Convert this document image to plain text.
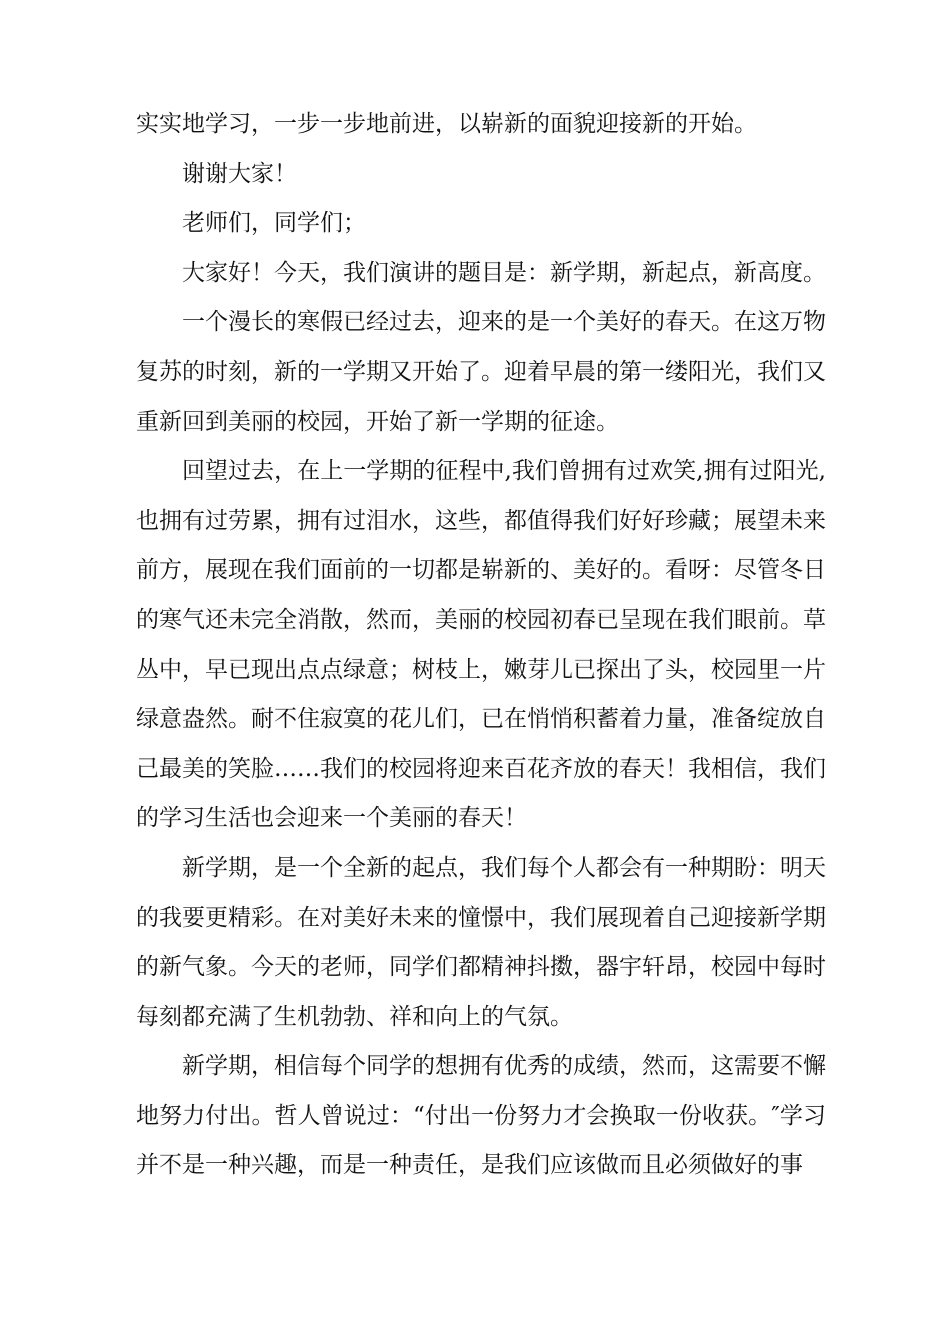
实实地学习，一步一步地前进，以崭新的面貌迎接新的开始。

谢谢大家！

老师们，同学们；

大家好！今天，我们演讲的题目是：新学期，新起点，新高度。

一个漫长的寒假已经过去，迎来的是一个美好的春天。在这万物复苏的时刻，新的一学期又开始了。迎着早晨的第一缕阳光，我们又重新回到美丽的校园，开始了新一学期的征途。

回望过去，在上一学期的征程中,我们曾拥有过欢笑,拥有过阳光,也拥有过劳累，拥有过泪水，这些，都值得我们好好珍藏；展望未来前方，展现在我们面前的一切都是崭新的、美好的。看呀：尽管冬日的寒气还未完全消散，然而，美丽的校园初春已呈现在我们眼前。草丛中，早已现出点点绿意；树枝上，嫩芽儿已探出了头，校园里一片绿意盎然。耐不住寂寞的花儿们，已在悄悄积蓄着力量，准备绽放自己最美的笑脸……我们的校园将迎来百花齐放的春天！我相信，我们的学习生活也会迎来一个美丽的春天！

新学期，是一个全新的起点，我们每个人都会有一种期盼：明天的我要更精彩。在对美好未来的憧憬中，我们展现着自己迎接新学期的新气象。今天的老师，同学们都精神抖擞，器宇轩昂，校园中每时每刻都充满了生机勃勃、祥和向上的气氛。

新学期，相信每个同学的想拥有优秀的成绩，然而，这需要不懈地努力付出。哲人曾说过：“付出一份努力才会换取一份收获。″学习并不是一种兴趣，而是一种责任，是我们应该做而且必须做好的事
